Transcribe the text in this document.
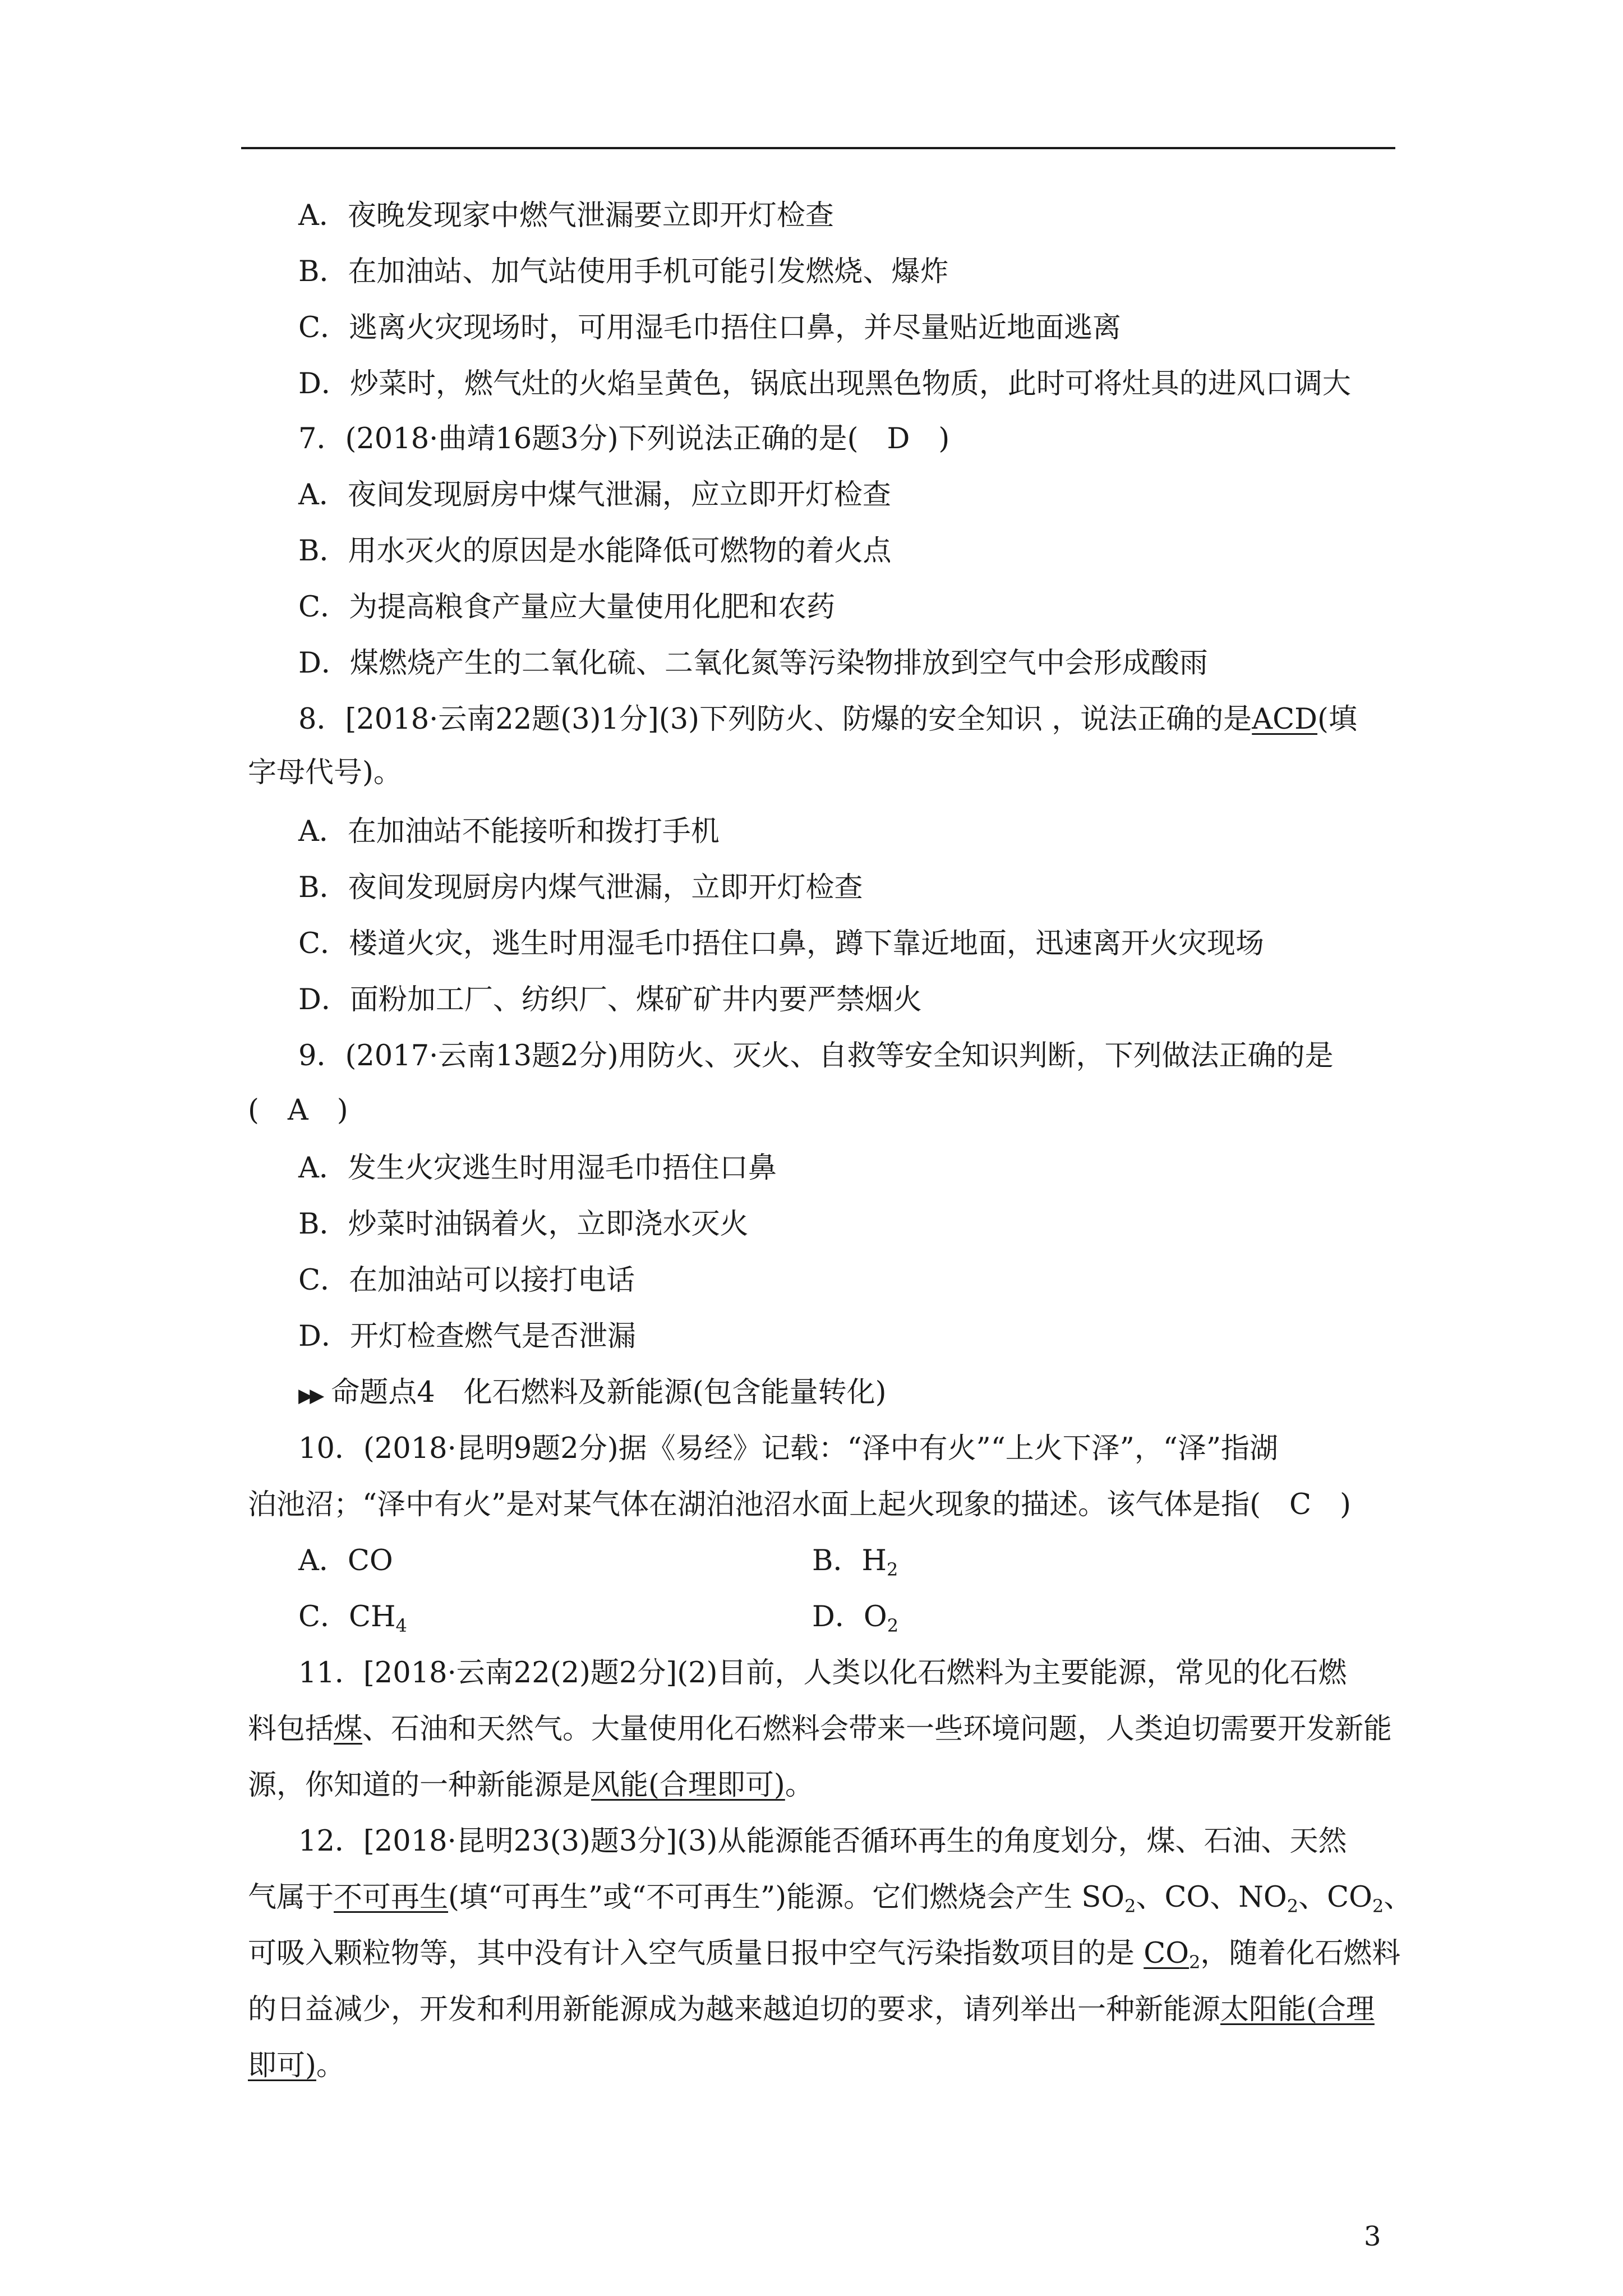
A．夜晚发现家中燃气泄漏要立即开灯检查
B．在加油站、加气站使用手机可能引发燃烧、爆炸
C．逃离火灾现场时，可用湿毛巾捂住口鼻，并尽量贴近地面逃离
D．炒菜时，燃气灶的火焰呈黄色，锅底出现黑色物质，此时可将灶具的进风口调大
7．(2018·曲靖16题3分)下列说法正确的是(　D　)
A．夜间发现厨房中煤气泄漏，应立即开灯检查
B．用水灭火的原因是水能降低可燃物的着火点
C．为提高粮食产量应大量使用化肥和农药
D．煤燃烧产生的二氧化硫、二氧化氮等污染物排放到空气中会形成酸雨
8．[2018·云南22题(3)1分](3)下列防火、防爆的安全知识 ，说法正确的是ACD(填
字母代号)。
A．在加油站不能接听和拨打手机
B．夜间发现厨房内煤气泄漏，立即开灯检查
C．楼道火灾，逃生时用湿毛巾捂住口鼻，蹲下靠近地面，迅速离开火灾现场
D．面粉加工厂、纺织厂、煤矿矿井内要严禁烟火
9．(2017·云南13题2分)用防火、灭火、自救等安全知识判断，下列做法正确的是
(　A　)
A．发生火灾逃生时用湿毛巾捂住口鼻
B．炒菜时油锅着火，立即浇水灭火
C．在加油站可以接打电话
D．开灯检查燃气是否泄漏
▶▶ 命题点4　化石燃料及新能源(包含能量转化)
10．(2018·昆明9题2分)据《易经》记载：“泽中有火”“上火下泽”，“泽”指湖
泊池沼；“泽中有火”是对某气体在湖泊池沼水面上起火现象的描述。该气体是指(　C　)
A．CO	B．$H_2$
C．$CH_4$	D．$O_2$
11．[2018·云南22(2)题2分](2)目前，人类以化石燃料为主要能源，常见的化石燃
料包括煤、石油和天然气。大量使用化石燃料会带来一些环境问题，人类迫切需要开发新能
源，你知道的一种新能源是风能(合理即可)。
12．[2018·昆明23(3)题3分](3)从能源能否循环再生的角度划分，煤、石油、天然
气属于不可再生(填“可再生”或“不可再生”)能源。它们燃烧会产生 $SO_2$、CO、$NO_2$、$CO_2$、
可吸入颗粒物等，其中没有计入空气质量日报中空气污染指数项目的是 $CO_2$，随着化石燃料
的日益减少，开发和利用新能源成为越来越迫切的要求，请列举出一种新能源太阳能(合理
即可)。
3
